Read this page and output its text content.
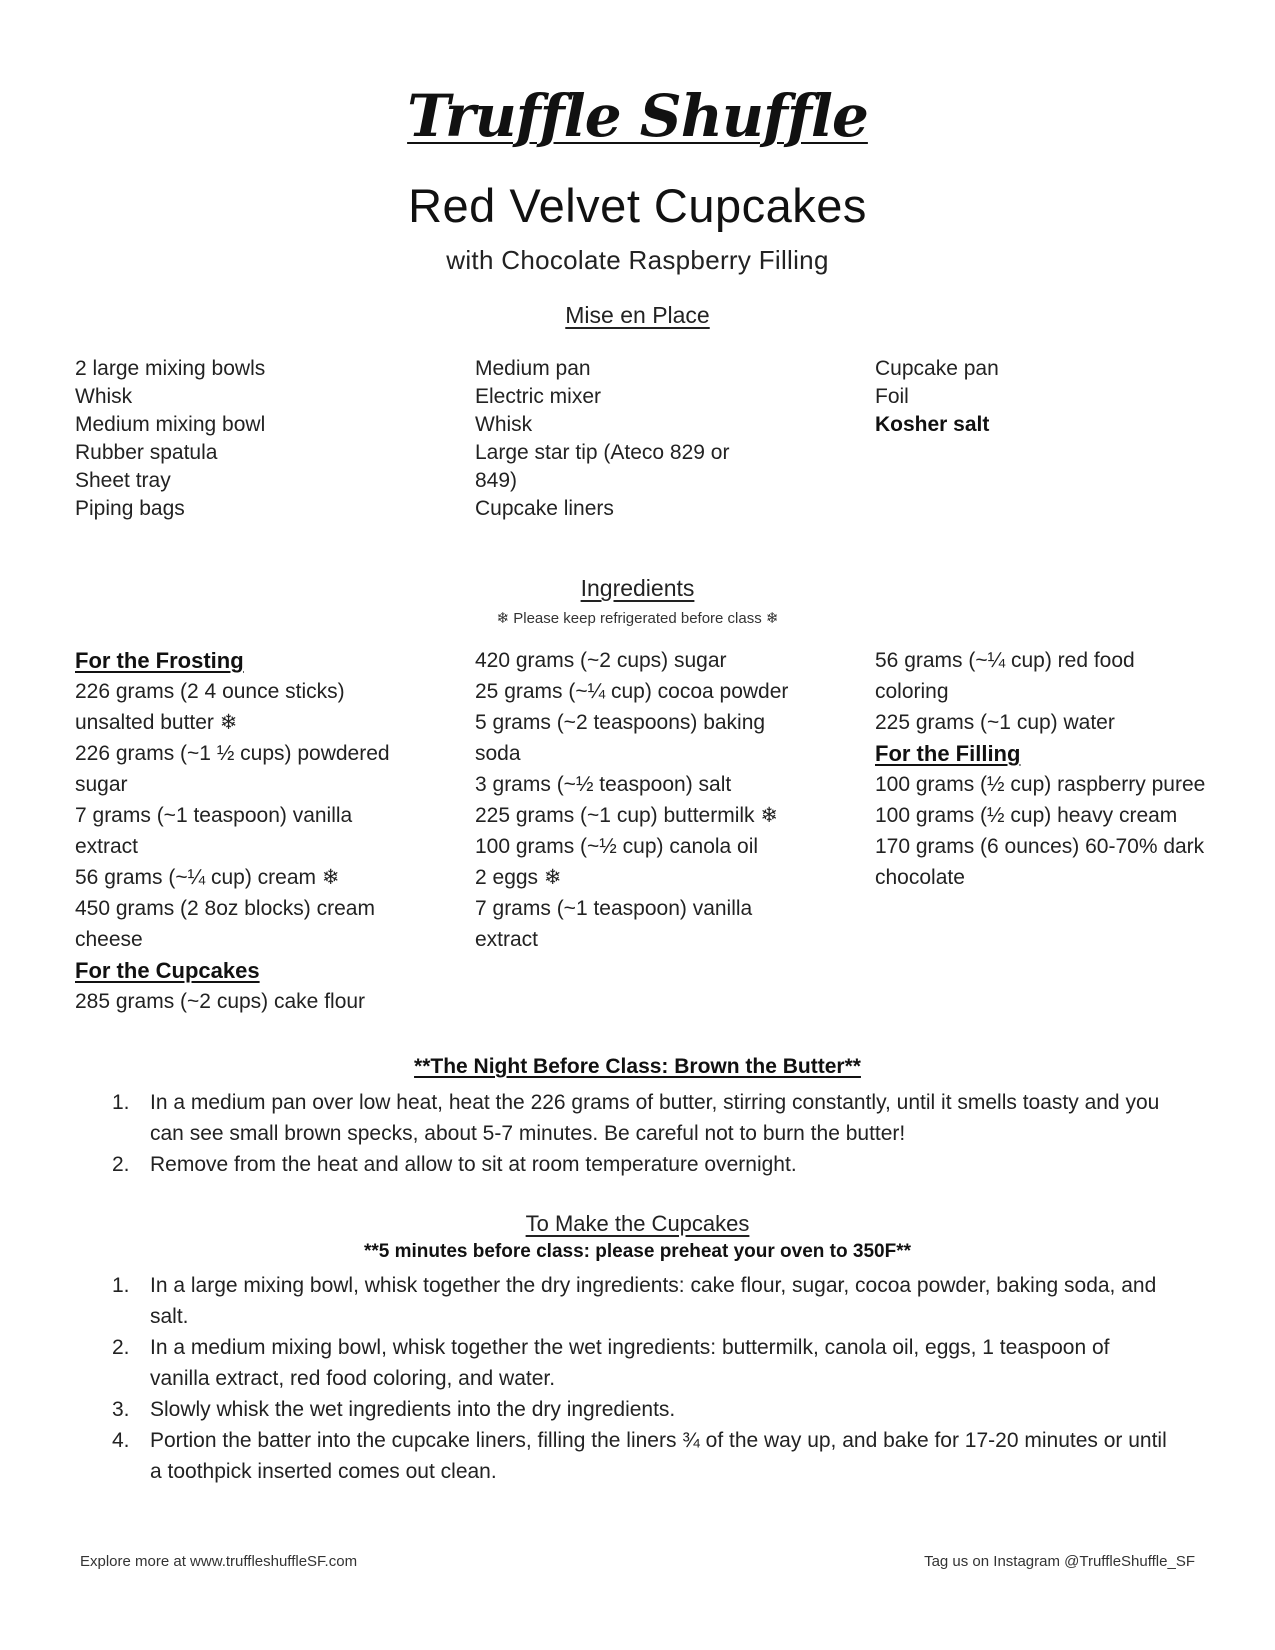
Truffle Shuffle
Red Velvet Cupcakes
with Chocolate Raspberry Filling
Mise en Place
2 large mixing bowls
Whisk
Medium mixing bowl
Rubber spatula
Sheet tray
Piping bags
Medium pan
Electric mixer
Whisk
Large star tip (Ateco 829 or 849)
Cupcake liners
Cupcake pan
Foil
Kosher salt
Ingredients
❄ Please keep refrigerated before class ❄
For the Frosting
226 grams (2 4 ounce sticks) unsalted butter ❄
226 grams (~1 ½ cups) powdered sugar
7 grams (~1 teaspoon) vanilla extract
56 grams (~¼ cup) cream ❄
450 grams (2 8oz blocks) cream cheese
For the Cupcakes
285 grams (~2 cups) cake flour
420 grams (~2 cups) sugar
25 grams (~¼ cup) cocoa powder
5 grams (~2 teaspoons) baking soda
3 grams (~½ teaspoon) salt
225 grams (~1 cup) buttermilk ❄
100 grams (~½ cup) canola oil
2 eggs ❄
7 grams (~1 teaspoon) vanilla extract
56 grams (~¼ cup) red food coloring
225 grams (~1 cup) water
For the Filling
100 grams (½ cup) raspberry puree
100 grams (½ cup) heavy cream
170 grams (6 ounces) 60-70% dark chocolate
**The Night Before Class: Brown the Butter**
1. In a medium pan over low heat, heat the 226 grams of butter, stirring constantly, until it smells toasty and you can see small brown specks, about 5-7 minutes. Be careful not to burn the butter!
2. Remove from the heat and allow to sit at room temperature overnight.
To Make the Cupcakes
**5 minutes before class: please preheat your oven to 350F**
1. In a large mixing bowl, whisk together the dry ingredients: cake flour, sugar, cocoa powder, baking soda, and salt.
2. In a medium mixing bowl, whisk together the wet ingredients: buttermilk, canola oil, eggs, 1 teaspoon of vanilla extract, red food coloring, and water.
3. Slowly whisk the wet ingredients into the dry ingredients.
4. Portion the batter into the cupcake liners, filling the liners ¾ of the way up, and bake for 17-20 minutes or until a toothpick inserted comes out clean.
Explore more at www.truffleshuffleSF.com	Tag us on Instagram @TruffleShuffle_SF
